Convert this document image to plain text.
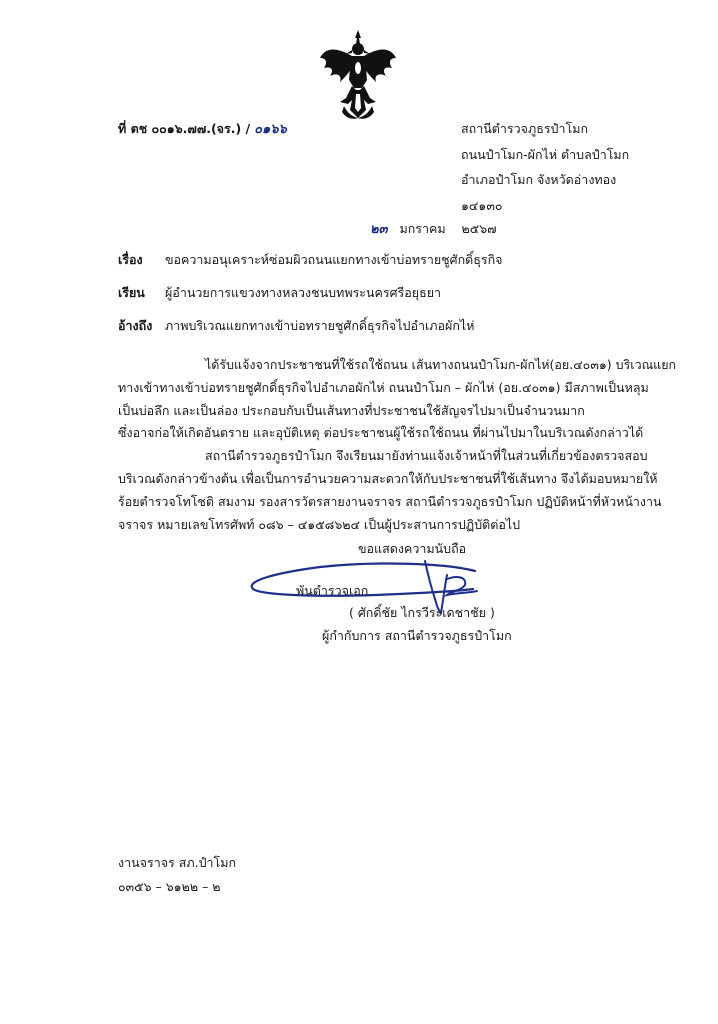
ที่ ตช ๐๐๑๖.๗๗.(จร.) / ๐๑๖๖	สถานีตำรวจภูธรปำโมก
ถนนปำโมก-ผักไห่ ตำบลปำโมก
อำเภอปำโมก จังหวัดอ่างทอง
๑๔๑๓๐
๒๓ มกราคม    ๒๕๖๗
เรื่อง ขอความอนุเคราะห์ซ่อมผิวถนนแยกทางเข้าบ่อทรายชูศักดิ์ธุรกิจ
เรียน ผู้อำนวยการแขวงทางหลวงชนบทพระนครศรีอยุธยา
อ้างถึง ภาพบริเวณแยกทางเข้าบ่อทรายชูศักดิ์ธุรกิจไปอำเภอผักไห่
ได้รับแจ้งจากประชาชนที่ใช้รถใช้ถนน เส้นทางถนนปำโมก-ผักไห่(อย.๔๐๓๑) บริเวณแยก
ทางเข้าทางเข้าบ่อทรายชูศักดิ์ธุรกิจไปอำเภอผักไห่ ถนนปำโมก – ผักไห่ (อย.๔๐๓๑) มีสภาพเป็นหลุม
เป็นบ่อลึก และเป็นล่อง ประกอบกับเป็นเส้นทางที่ประชาชนใช้สัญจรไปมาเป็นจำนวนมาก
ซึ่งอาจก่อให้เกิดอันตราย และอุบัติเหตุ ต่อประชาชนผู้ใช้รถใช้ถนน ที่ผ่านไปมาในบริเวณดังกล่าวได้
สถานีตำรวจภูธรปำโมก จึงเรียนมายังท่านแจ้งเจ้าหน้าที่ในส่วนที่เกี่ยวข้องตรวจสอบ
บริเวณดังกล่าวข้างต้น เพื่อเป็นการอำนวยความสะดวกให้กับประชาชนที่ใช้เส้นทาง จึงได้มอบหมายให้
ร้อยตำรวจโทโชติ สมงาม รองสารวัตรสายงานจราจร สถานีตำรวจภูธรปำโมก ปฏิบัติหน้าที่หัวหน้างาน
จราจร หมายเลขโทรศัพท์ ๐๘๖ – ๔๑๕๘๖๒๔ เป็นผู้ประสานการปฏิบัติต่อไป
ขอแสดงความนับถือ
พันตำรวจเอก
( ศักดิ์ชัย ไกรวีระเดชาชัย )
ผู้กำกับการ สถานีตำรวจภูธรปำโมก
งานจราจร สภ.ปำโมก
๐๓๕๖ – ๖๑๒๒ – ๒
